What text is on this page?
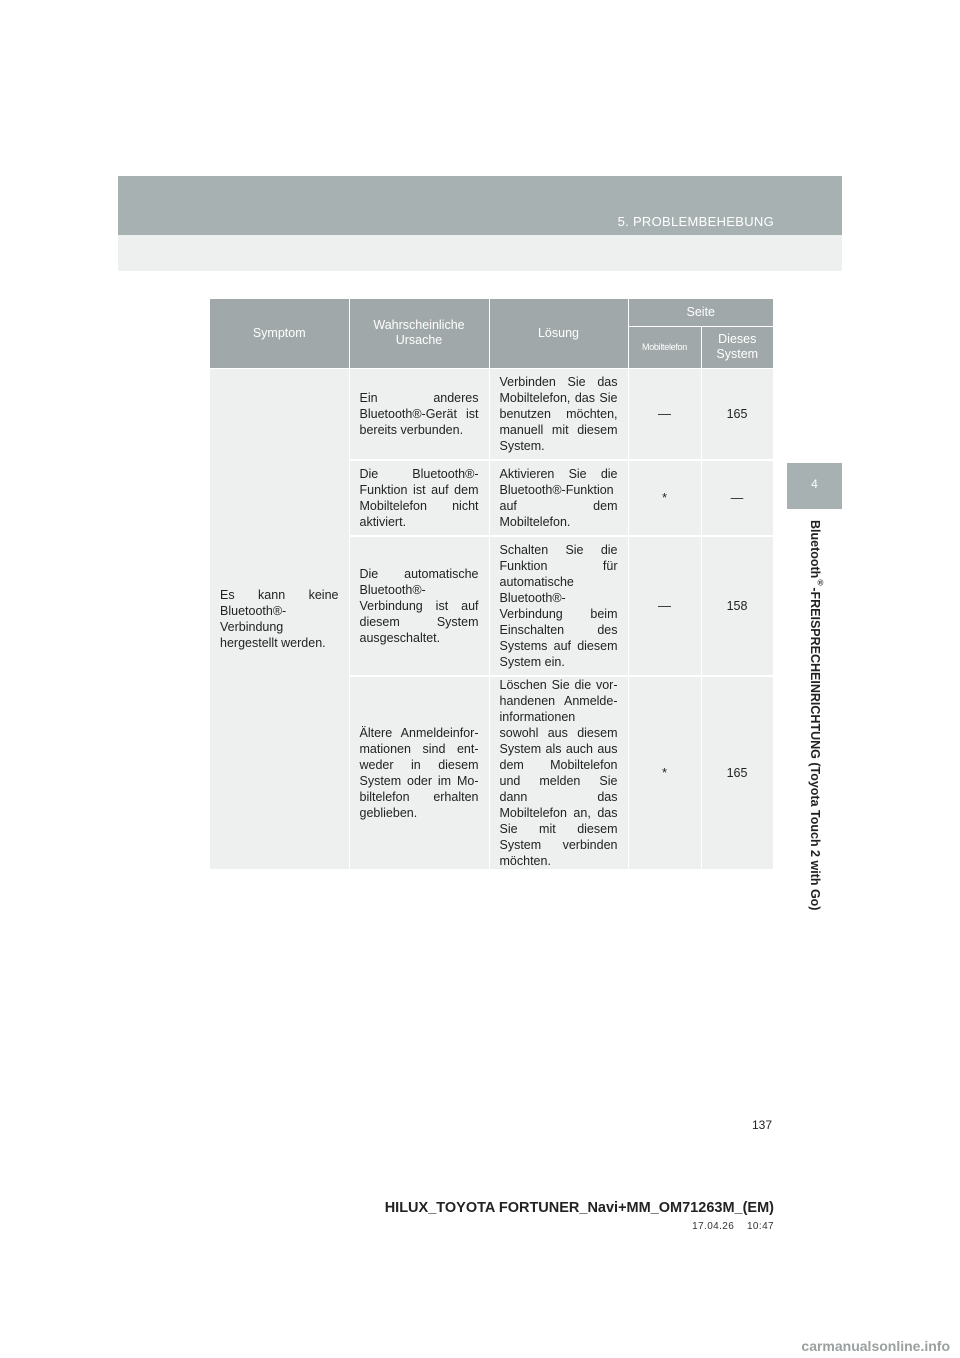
5. PROBLEMBEHEBUNG
4
Bluetooth®-FREISPRECHEINRICHTUNG (Toyota Touch 2 with Go)
Symptom	Wahrscheinliche Ursache	Lösung	Seite	
			Mobiltelefon	Dieses System
Es kann keine Bluetooth®-Verbindung hergestellt werden.	Ein anderes Bluetooth®-Gerät ist bereits verbunden.	Verbinden Sie das Mobiltelefon, das Sie benutzen möchten, manuell mit diesem System.	—	165
	Die Bluetooth®-Funktion ist auf dem Mobiltelefon nicht aktiviert.	Aktivieren Sie die Bluetooth®-Funktion auf dem Mobiltelefon.	*	—
	Die automatische Bluetooth®-Verbindung ist auf diesem System ausgeschaltet.	Schalten Sie die Funktion für automatische Bluetooth®-Verbindung beim Einschalten des Systems auf diesem System ein.	—	158
	Ältere Anmeldeinfor-mationen sind ent-weder in diesem System oder im Mo-biltelefon erhalten geblieben.	Löschen Sie die vor-handenen Anmelde-informationen sowohl aus diesem System als auch aus dem Mobiltelefon und melden Sie dann das Mobiltelefon an, das Sie mit diesem System verbinden möchten.	*	165
137
HILUX_TOYOTA FORTUNER_Navi+MM_OM71263M_(EM)
17.04.26 10:47
carmanualsonline.info
